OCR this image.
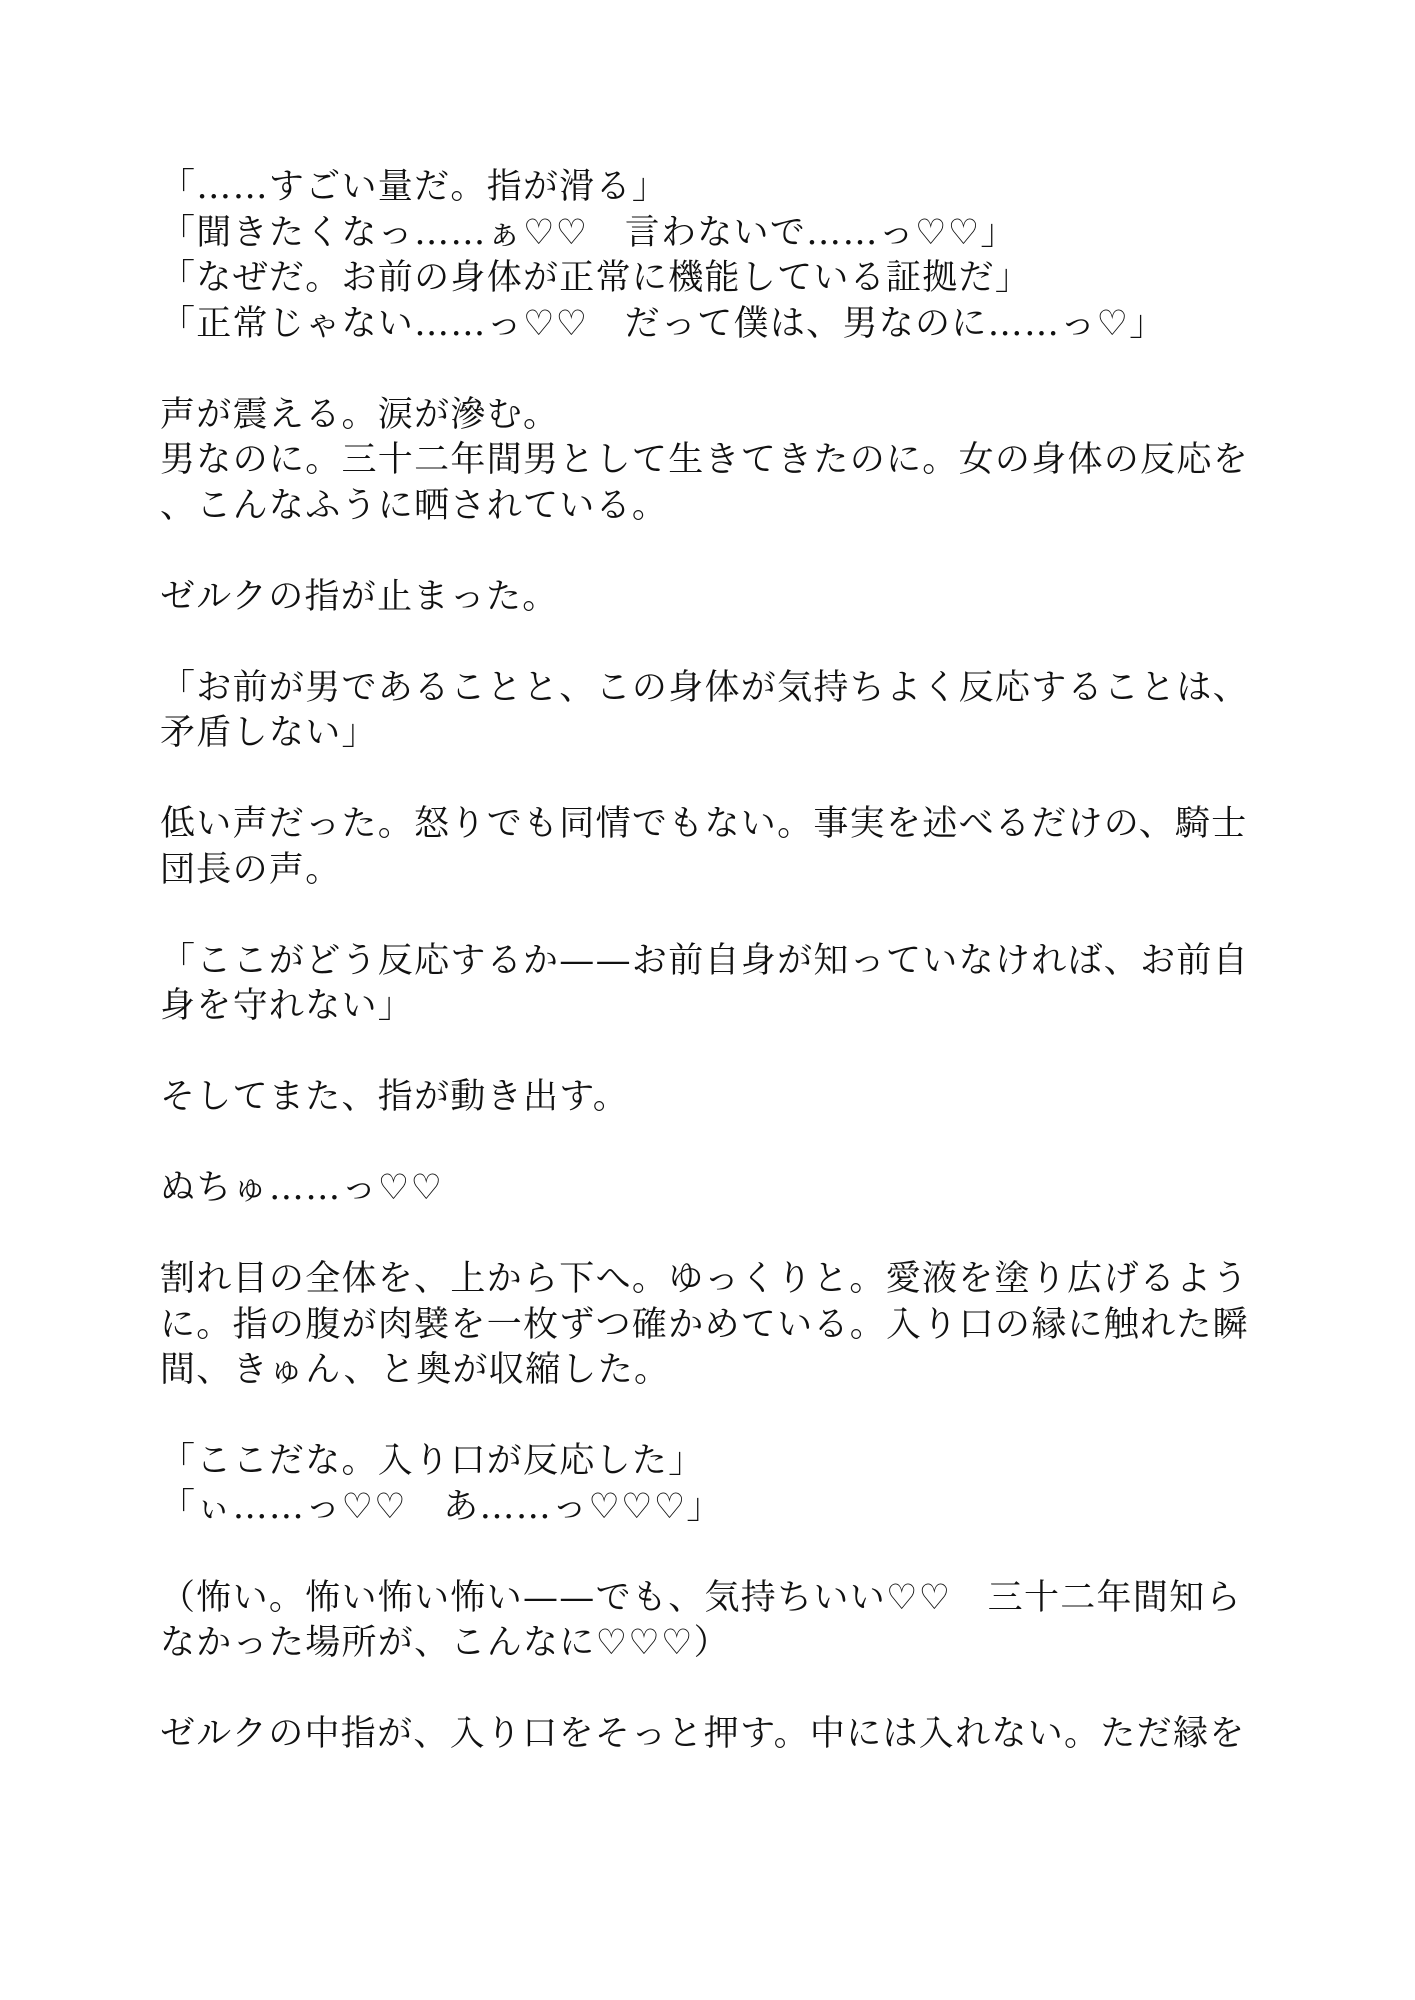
「……すごい量だ。指が滑る」
「聞きたくなっ……ぁ♡♡　言わないで……っ♡♡」
「なぜだ。お前の身体が正常に機能している証拠だ」
「正常じゃない……っ♡♡　だって僕は、男なのに……っ♡」

声が震える。涙が滲む。
男なのに。三十二年間男として生きてきたのに。女の身体の反応を
、こんなふうに晒されている。

ゼルクの指が止まった。

「お前が男であることと、この身体が気持ちよく反応することは、
矛盾しない」

低い声だった。怒りでも同情でもない。事実を述べるだけの、騎士
団長の声。

「ここがどう反応するか——お前自身が知っていなければ、お前自
身を守れない」

そしてまた、指が動き出す。

ぬちゅ……っ♡♡

割れ目の全体を、上から下へ。ゆっくりと。愛液を塗り広げるよう
に。指の腹が肉襞を一枚ずつ確かめている。入り口の縁に触れた瞬
間、きゅん、と奥が収縮した。

「ここだな。入り口が反応した」
「ぃ……っ♡♡　あ……っ♡♡♡」

（怖い。怖い怖い怖い——でも、気持ちいい♡♡　三十二年間知ら
なかった場所が、こんなに♡♡♡）

ゼルクの中指が、入り口をそっと押す。中には入れない。ただ縁を
